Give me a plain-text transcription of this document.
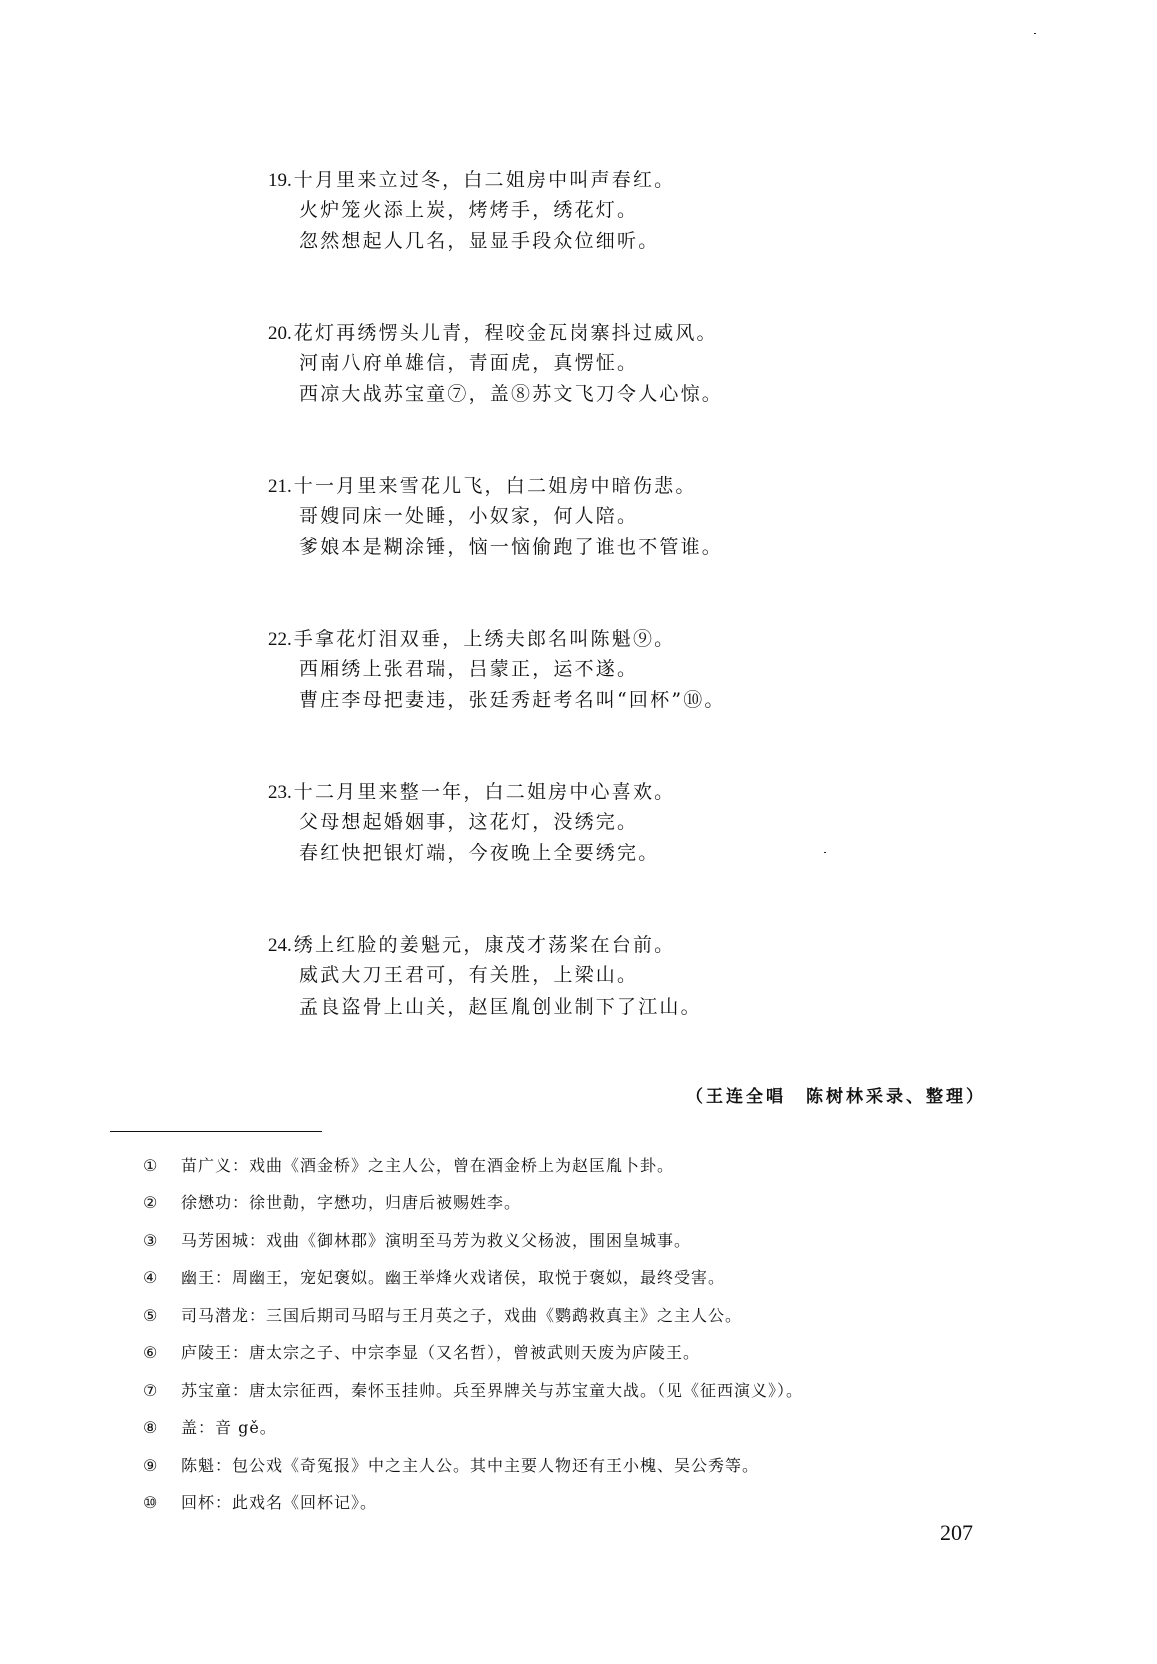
19. 十月里来立过冬，白二姐房中叫声春红。
火炉笼火添上炭，烤烤手，绣花灯。
忽然想起人几名，显显手段众位细听。
20. 花灯再绣愣头儿青，程咬金瓦岗寨抖过威风。
河南八府单雄信，青面虎，真愣怔。
西凉大战苏宝童⑦，盖⑧苏文飞刀令人心惊。
21. 十一月里来雪花儿飞，白二姐房中暗伤悲。
哥嫂同床一处睡，小奴家，何人陪。
爹娘本是糊涂锤，恼一恼偷跑了谁也不管谁。
22. 手拿花灯泪双垂，上绣夫郎名叫陈魁⑨。
西厢绣上张君瑞，吕蒙正，运不遂。
曹庄李母把妻违，张廷秀赶考名叫“回杯”⑩。
23. 十二月里来整一年，白二姐房中心喜欢。
父母想起婚姻事，这花灯，没绣完。
春红快把银灯端，今夜晚上全要绣完。
24. 绣上红脸的姜魁元，康茂才荡桨在台前。
威武大刀王君可，有关胜，上梁山。
孟良盗骨上山关，赵匡胤创业制下了江山。
（王连全唱　陈树林采录、整理）
① 苗广义：戏曲《酒金桥》之主人公，曾在酒金桥上为赵匡胤卜卦。
② 徐懋功：徐世勣，字懋功，归唐后被赐姓李。
③ 马芳困城：戏曲《御林郡》演明至马芳为救义父杨波，围困皇城事。
④ 幽王：周幽王，宠妃褒姒。幽王举烽火戏诸侯，取悦于褒姒，最终受害。
⑤ 司马潜龙：三国后期司马昭与王月英之子，戏曲《鹦鹉救真主》之主人公。
⑥ 庐陵王：唐太宗之子、中宗李显（又名哲），曾被武则天废为庐陵王。
⑦ 苏宝童：唐太宗征西，秦怀玉挂帅。兵至界牌关与苏宝童大战。（见《征西演义》）。
⑧ 盖：音 gě。
⑨ 陈魁：包公戏《奇冤报》中之主人公。其中主要人物还有王小槐、吴公秀等。
⑩ 回杯：此戏名《回杯记》。
207
